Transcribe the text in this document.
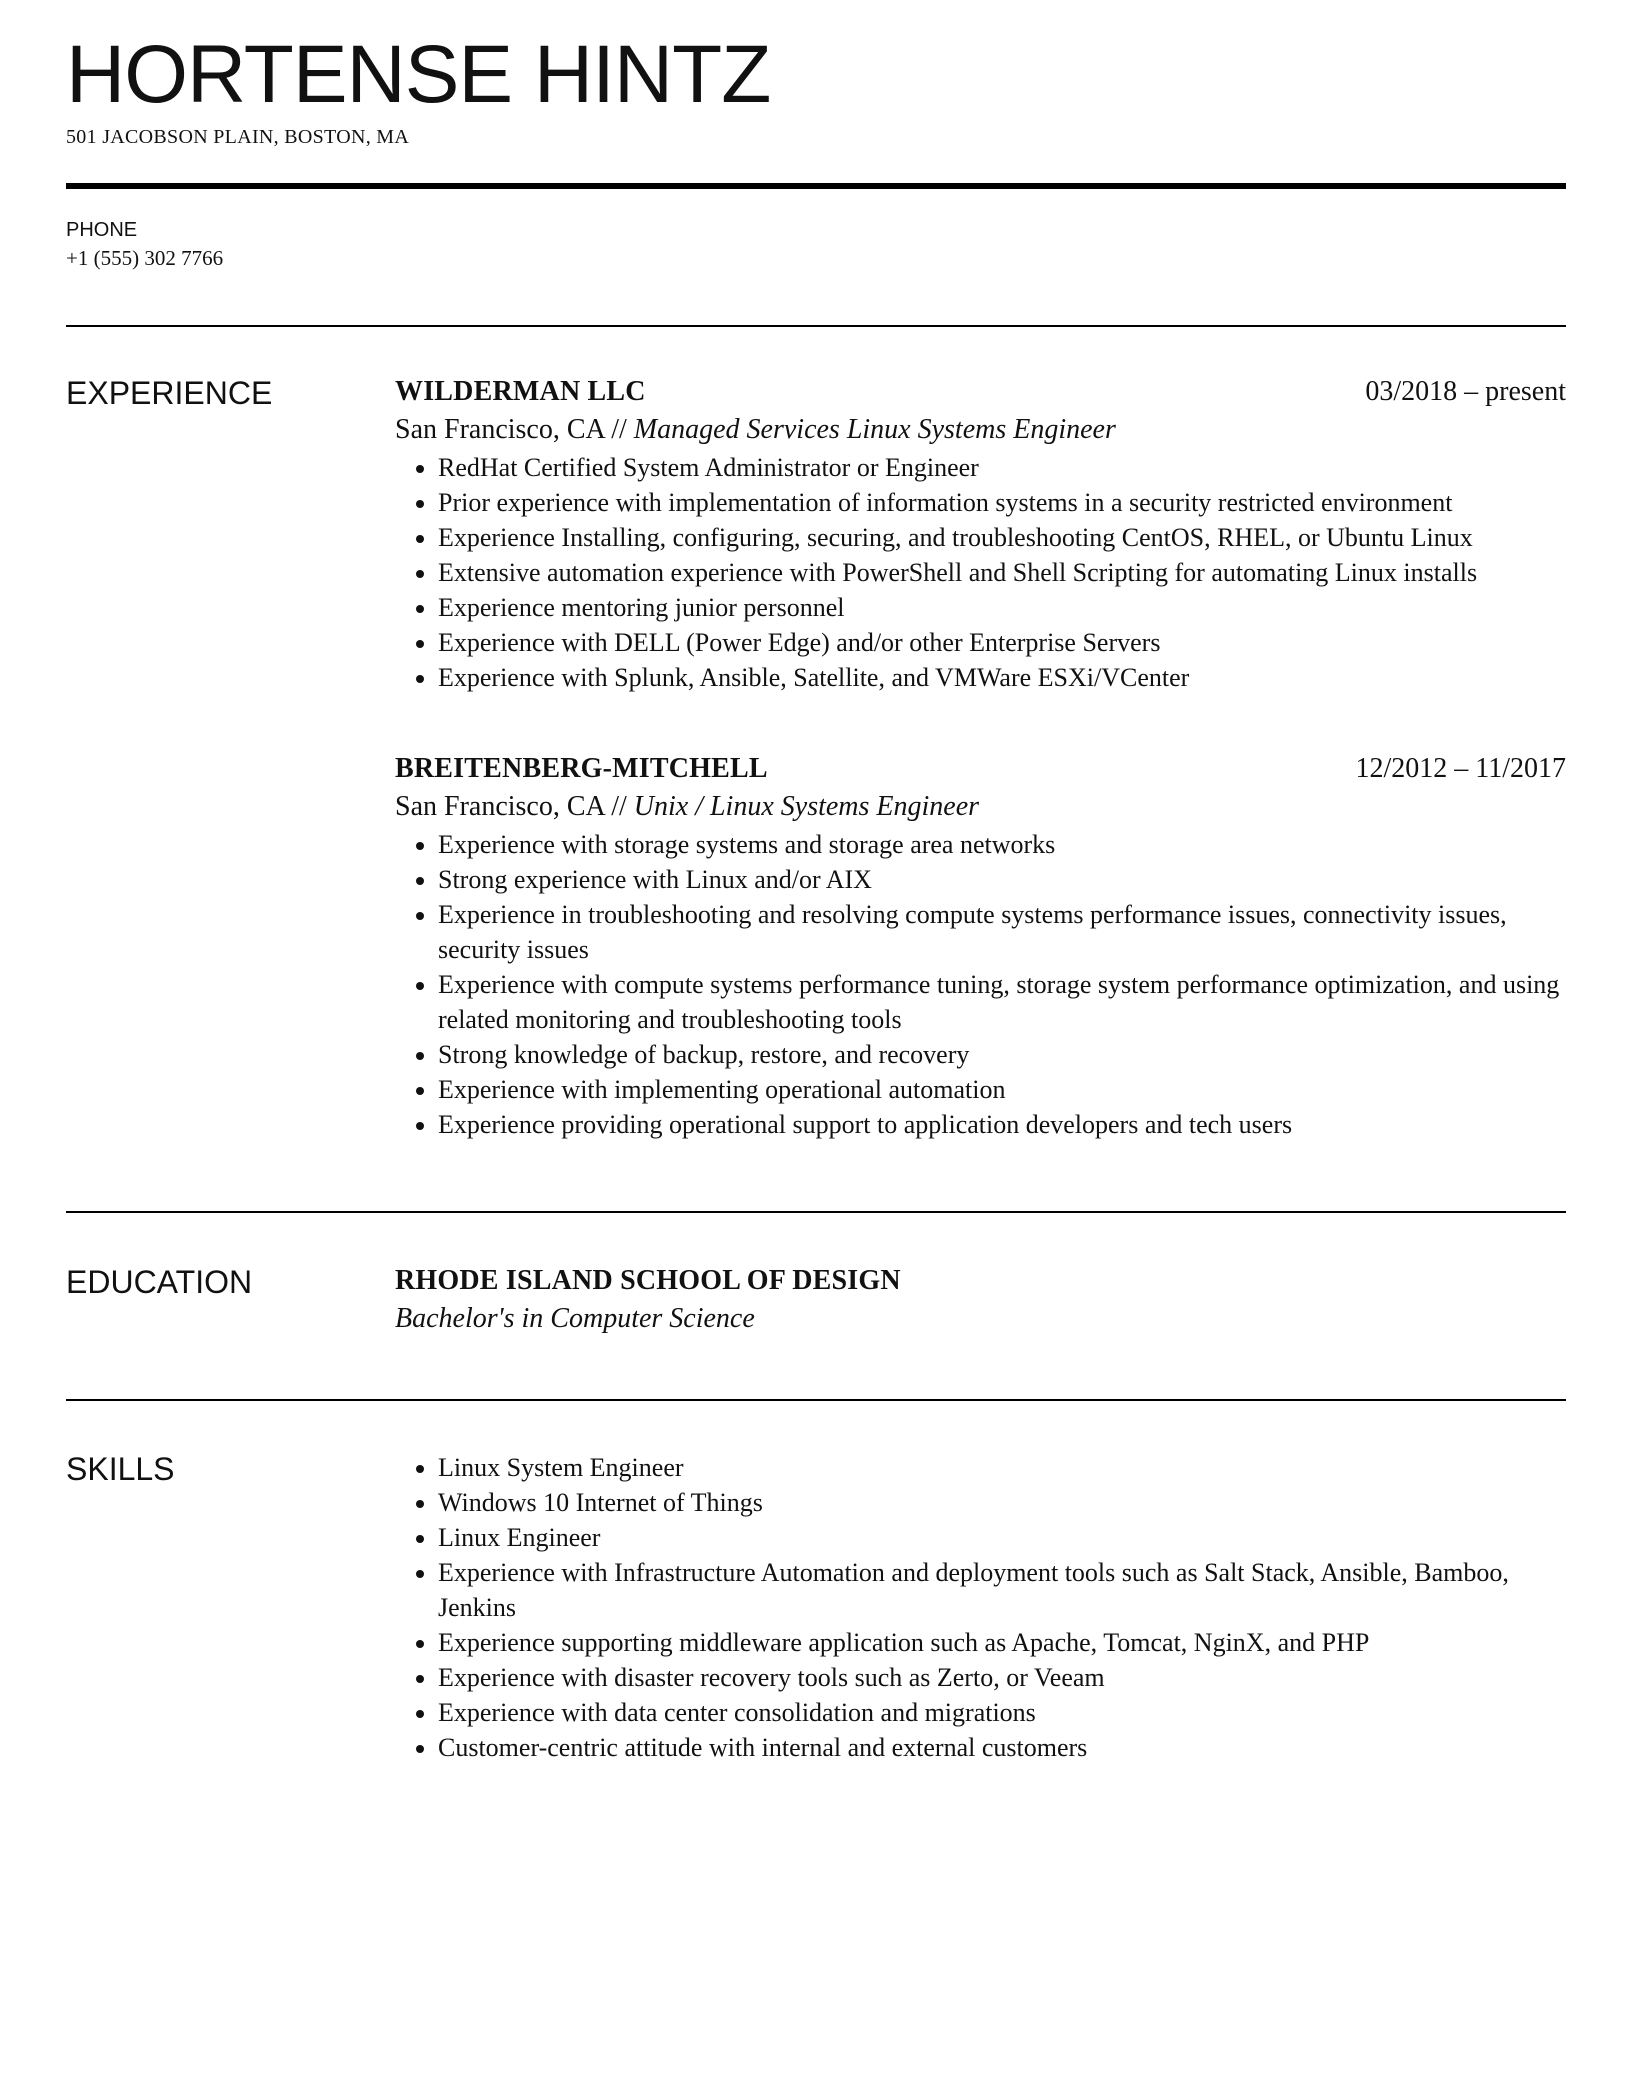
HORTENSE HINTZ
501 JACOBSON PLAIN, BOSTON, MA
PHONE
+1 (555) 302 7766
EXPERIENCE	WILDERMAN LLC	03/2018 – present
San Francisco, CA // Managed Services Linux Systems Engineer
• RedHat Certified System Administrator or Engineer
• Prior experience with implementation of information systems in a security restricted environment
• Experience Installing, configuring, securing, and troubleshooting CentOS, RHEL, or Ubuntu Linux
• Extensive automation experience with PowerShell and Shell Scripting for automating Linux installs
• Experience mentoring junior personnel
• Experience with DELL (Power Edge) and/or other Enterprise Servers
• Experience with Splunk, Ansible, Satellite, and VMWare ESXi/VCenter
BREITENBERG-MITCHELL	12/2012 – 11/2017
San Francisco, CA // Unix / Linux Systems Engineer
• Experience with storage systems and storage area networks
• Strong experience with Linux and/or AIX
• Experience in troubleshooting and resolving compute systems performance issues, connectivity issues, security issues
• Experience with compute systems performance tuning, storage system performance optimization, and using related monitoring and troubleshooting tools
• Strong knowledge of backup, restore, and recovery
• Experience with implementing operational automation
• Experience providing operational support to application developers and tech users
EDUCATION	RHODE ISLAND SCHOOL OF DESIGN
Bachelor's in Computer Science
SKILLS
•	Linux System Engineer
• Windows 10 Internet of Things
• Linux Engineer
• Experience with Infrastructure Automation and deployment tools such as Salt Stack, Ansible, Bamboo, Jenkins
• Experience supporting middleware application such as Apache, Tomcat, NginX, and PHP
• Experience with disaster recovery tools such as Zerto, or Veeam
• Experience with data center consolidation and migrations
• Customer-centric attitude with internal and external customers
